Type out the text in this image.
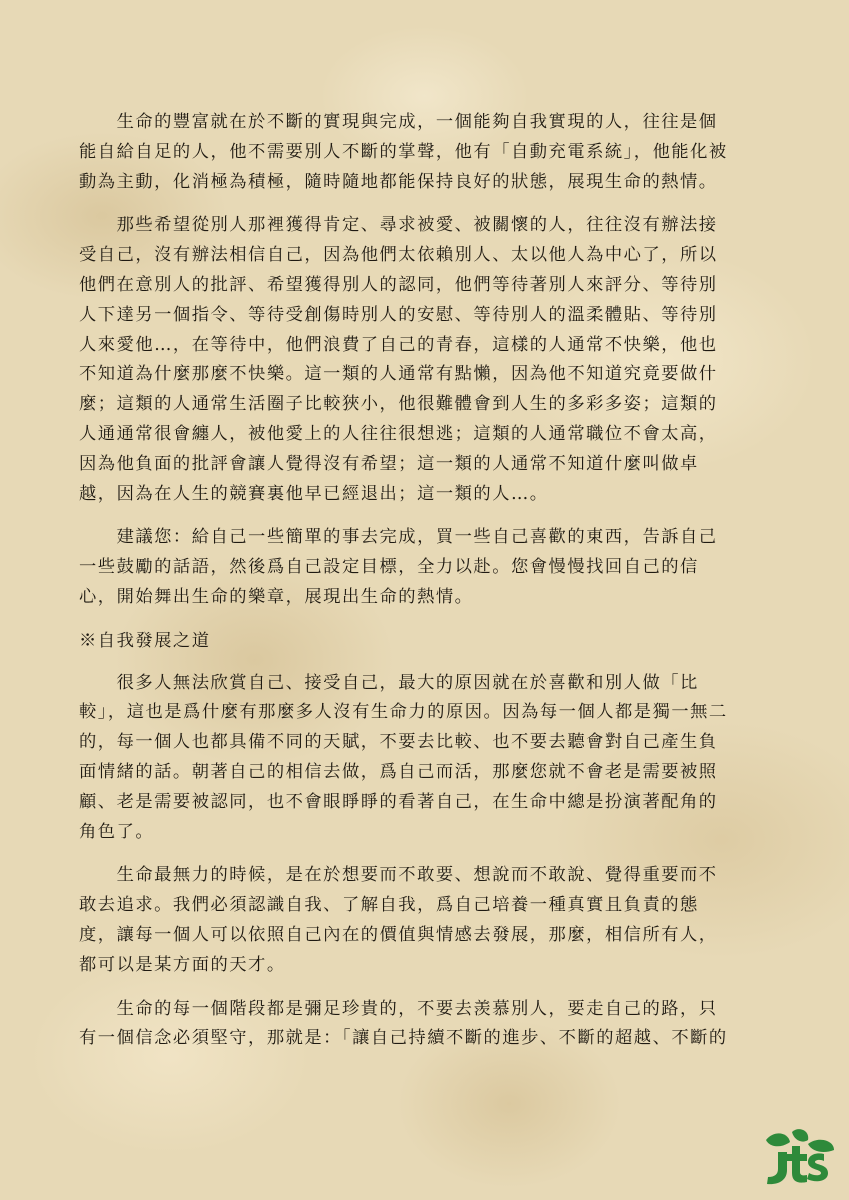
　　生命的豐富就在於不斷的實現與完成，一個能夠自我實現的人，往往是個
能自給自足的人，他不需要別人不斷的掌聲，他有「自動充電系統」，他能化被
動為主動，化消極為積極，隨時隨地都能保持良好的狀態，展現生命的熱情。
　　那些希望從別人那裡獲得肯定、尋求被愛、被關懷的人，往往沒有辦法接
受自己，沒有辦法相信自己，因為他們太依賴別人、太以他人為中心了，所以
他們在意別人的批評、希望獲得別人的認同，他們等待著別人來評分、等待別
人下達另一個指令、等待受創傷時別人的安慰、等待別人的溫柔體貼、等待別
人來愛他…，在等待中，他們浪費了自己的青春，這樣的人通常不快樂，他也
不知道為什麼那麼不快樂。這一類的人通常有點懶，因為他不知道究竟要做什
麼；這類的人通常生活圈子比較狹小，他很難體會到人生的多彩多姿；這類的
人通通常很會纏人，被他愛上的人往往很想逃；這類的人通常職位不會太高，
因為他負面的批評會讓人覺得沒有希望；這一類的人通常不知道什麼叫做卓
越，因為在人生的競賽裏他早已經退出；這一類的人…。
　　建議您：給自己一些簡單的事去完成，買一些自己喜歡的東西，告訴自己
一些鼓勵的話語，然後爲自己設定目標，全力以赴。您會慢慢找回自己的信
心，開始舞出生命的樂章，展現出生命的熱情。
※自我發展之道
　　很多人無法欣賞自己、接受自己，最大的原因就在於喜歡和別人做「比
較」，這也是爲什麼有那麼多人沒有生命力的原因。因為每一個人都是獨一無二
的，每一個人也都具備不同的天賦，不要去比較、也不要去聽會對自己產生負
面情緒的話。朝著自己的相信去做，爲自己而活，那麼您就不會老是需要被照
顧、老是需要被認同，也不會眼睜睜的看著自己，在生命中總是扮演著配角的
角色了。
　　生命最無力的時候，是在於想要而不敢要、想說而不敢說、覺得重要而不
敢去追求。我們必須認識自我、了解自我，爲自己培養一種真實且負責的態
度，讓每一個人可以依照自己內在的價值與情感去發展，那麼，相信所有人，
都可以是某方面的天才。
　　生命的每一個階段都是彌足珍貴的，不要去羡慕別人，要走自己的路，只
有一個信念必須堅守，那就是：「讓自己持續不斷的進步、不斷的超越、不斷的
